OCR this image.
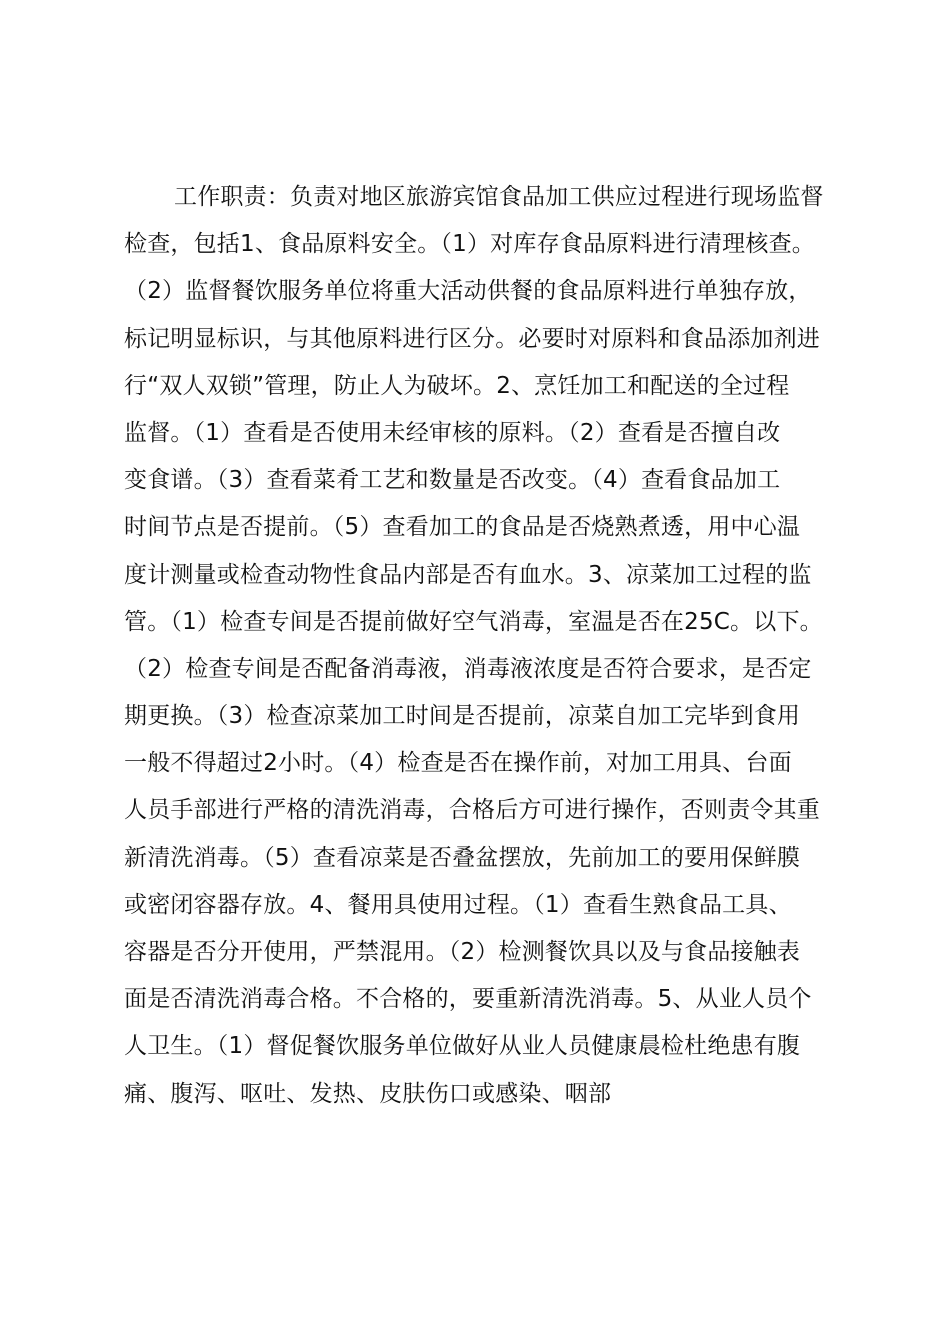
工作职责：负责对地区旅游宾馆食品加工供应过程进行现场监督
检查，包括1、食品原料安全。（1）对库存食品原料进行清理核查。
（2）监督餐饮服务单位将重大活动供餐的食品原料进行单独存放，
标记明显标识，与其他原料进行区分。必要时对原料和食品添加剂进
行“双人双锁”管理，防止人为破坏。2、烹饪加工和配送的全过程
监督。（1）查看是否使用未经审核的原料。（2）查看是否擅自改
变食谱。（3）查看菜肴工艺和数量是否改变。（4）查看食品加工
时间节点是否提前。（5）查看加工的食品是否烧熟煮透，用中心温
度计测量或检查动物性食品内部是否有血水。3、凉菜加工过程的监
管。（1）检查专间是否提前做好空气消毒，室温是否在25C。以下。
（2）检查专间是否配备消毒液，消毒液浓度是否符合要求，是否定
期更换。（3）检查凉菜加工时间是否提前，凉菜自加工完毕到食用
一般不得超过2小时。（4）检查是否在操作前，对加工用具、台面
人员手部进行严格的清洗消毒，合格后方可进行操作，否则责令其重
新清洗消毒。（5）查看凉菜是否叠盆摆放，先前加工的要用保鲜膜
或密闭容器存放。4、餐用具使用过程。（1）查看生熟食品工具、
容器是否分开使用，严禁混用。（2）检测餐饮具以及与食品接触表
面是否清洗消毒合格。不合格的，要重新清洗消毒。5、从业人员个
人卫生。（1）督促餐饮服务单位做好从业人员健康晨检杜绝患有腹
痛、腹泻、呕吐、发热、皮肤伤口或感染、咽部
